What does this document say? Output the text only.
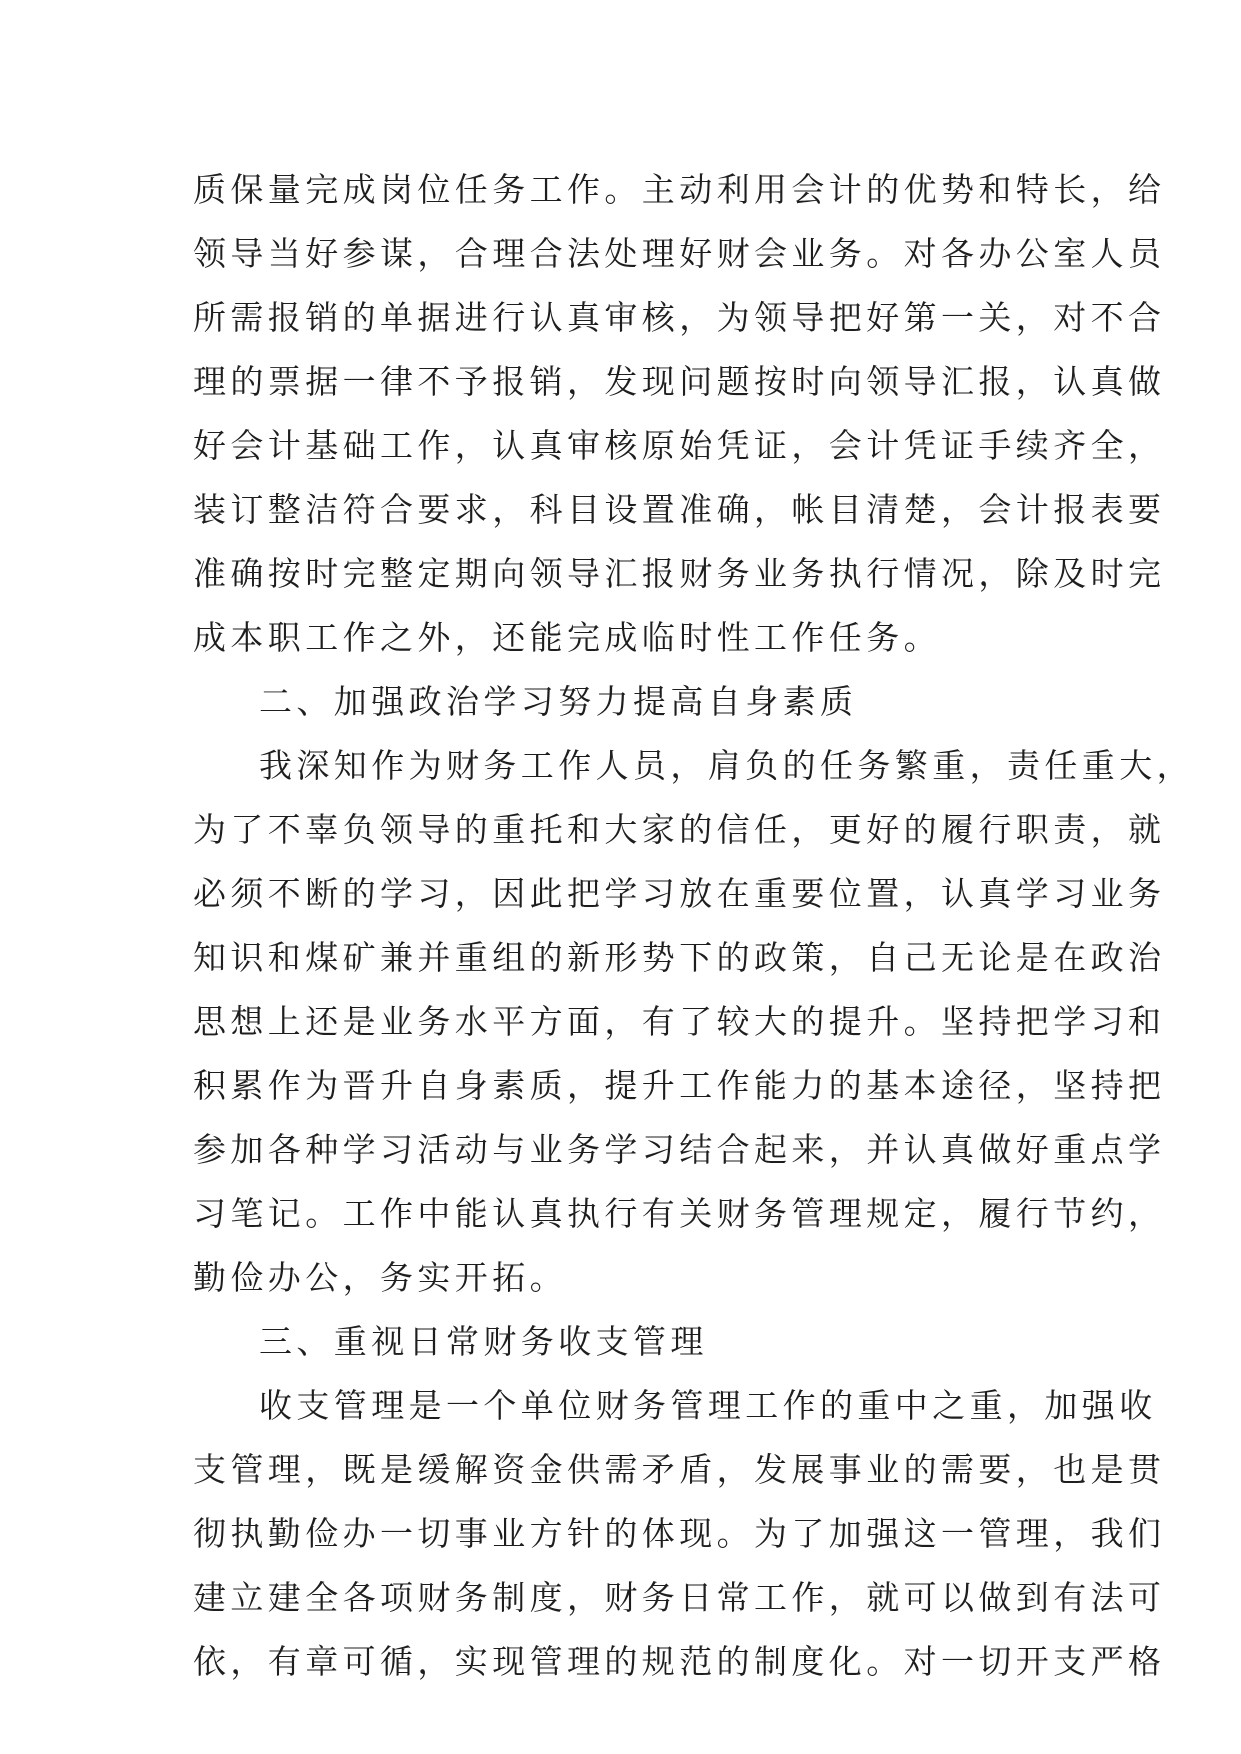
质保量完成岗位任务工作。主动利用会计的优势和特长，给
领导当好参谋，合理合法处理好财会业务。对各办公室人员
所需报销的单据进行认真审核，为领导把好第一关，对不合
理的票据一律不予报销，发现问题按时向领导汇报，认真做
好会计基础工作，认真审核原始凭证，会计凭证手续齐全，
装订整洁符合要求，科目设置准确，帐目清楚，会计报表要
准确按时完整定期向领导汇报财务业务执行情况，除及时完
成本职工作之外，还能完成临时性工作任务。
二、加强政治学习努力提高自身素质
我深知作为财务工作人员，肩负的任务繁重，责任重大，
为了不辜负领导的重托和大家的信任，更好的履行职责，就
必须不断的学习，因此把学习放在重要位置，认真学习业务
知识和煤矿兼并重组的新形势下的政策，自己无论是在政治
思想上还是业务水平方面，有了较大的提升。坚持把学习和
积累作为晋升自身素质，提升工作能力的基本途径，坚持把
参加各种学习活动与业务学习结合起来，并认真做好重点学
习笔记。工作中能认真执行有关财务管理规定，履行节约，
勤俭办公，务实开拓。
三、重视日常财务收支管理
收支管理是一个单位财务管理工作的重中之重，加强收
支管理，既是缓解资金供需矛盾，发展事业的需要，也是贯
彻执勤俭办一切事业方针的体现。为了加强这一管理，我们
建立建全各项财务制度，财务日常工作，就可以做到有法可
依，有章可循，实现管理的规范的制度化。对一切开支严格
